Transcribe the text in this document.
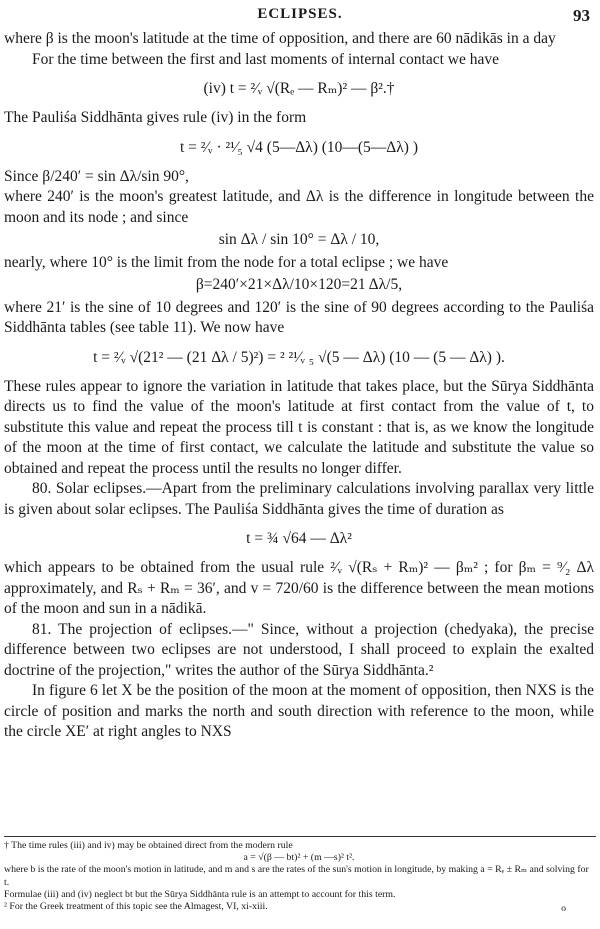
ECLIPSES.	93

where β is the moon's latitude at the time of opposition, and there are 60 nādikās in a day

For the time between the first and last moments of internal contact we have

(iv) t = ²⁄ᵥ √(Rₑ — Rₘ)² — β².†

The Pauliśa Siddhānta gives rule (iv) in the form

t = ²⁄ᵥ · ²¹⁄₅ √4 (5—Δλ) (10—(5—Δλ) )

Since β/240′ = sin Δλ/sin 90°,

where 240′ is the moon's greatest latitude, and Δλ is the difference in longitude between the moon and its node ; and since

sin Δλ / sin 10° = Δλ / 10,

nearly, where 10° is the limit from the node for a total eclipse ; we have

β=240′×21×Δλ/10×120=21 Δλ/5,

where 21′ is the sine of 10 degrees and 120′ is the sine of 90 degrees according to the Pauliśa Siddhānta tables (see table 11). We now have

t = ²⁄ᵥ √(21² — (21 Δλ / 5)²) = ² ²¹⁄ᵥ ₅ √(5 — Δλ) (10 — (5 — Δλ) ).

These rules appear to ignore the variation in latitude that takes place, but the Sūrya Siddhānta directs us to find the value of the moon's latitude at first contact from the value of t, to substitute this value and repeat the process till t is constant : that is, as we know the longitude of the moon at the time of first contact, we calculate the latitude and substitute the value so obtained and repeat the process until the results no longer differ.

80. Solar eclipses.—Apart from the preliminary calculations involving parallax very little is given about solar eclipses. The Pauliśa Siddhānta gives the time of duration as

t = ¾ √64 — Δλ²

which appears to be obtained from the usual rule ²⁄ᵥ √(Rₛ + Rₘ)² — βₘ² ; for βₘ = ⁹⁄₂ Δλ approximately, and Rₛ + Rₘ = 36′, and v = 720/60 is the difference between the mean motions of the moon and sun in a nādikā.

81. The projection of eclipses.—" Since, without a projection (chedyaka), the precise difference between two eclipses are not understood, I shall proceed to explain the exalted doctrine of the projection," writes the author of the Sūrya Siddhānta.²

In figure 6 let X be the position of the moon at the moment of opposition, then NXS is the circle of position and marks the north and south direction with reference to the moon, while the circle XE′ at right angles to NXS

† The time rules (iii) and iv) may be obtained direct from the modern rule

a = √(β — bt)² + (m —s)² t².

where b is the rate of the moon's motion in latitude, and m and s are the rates of the sun's motion in longitude, by making a = Rₑ ± Rₘ and solving for t.

Formulae (iii) and (iv) neglect bt but the Sūrya Siddhānta rule is an attempt to account for this term.

² For the Greek treatment of this topic see the Almagest, VI, xi-xiii.	o
